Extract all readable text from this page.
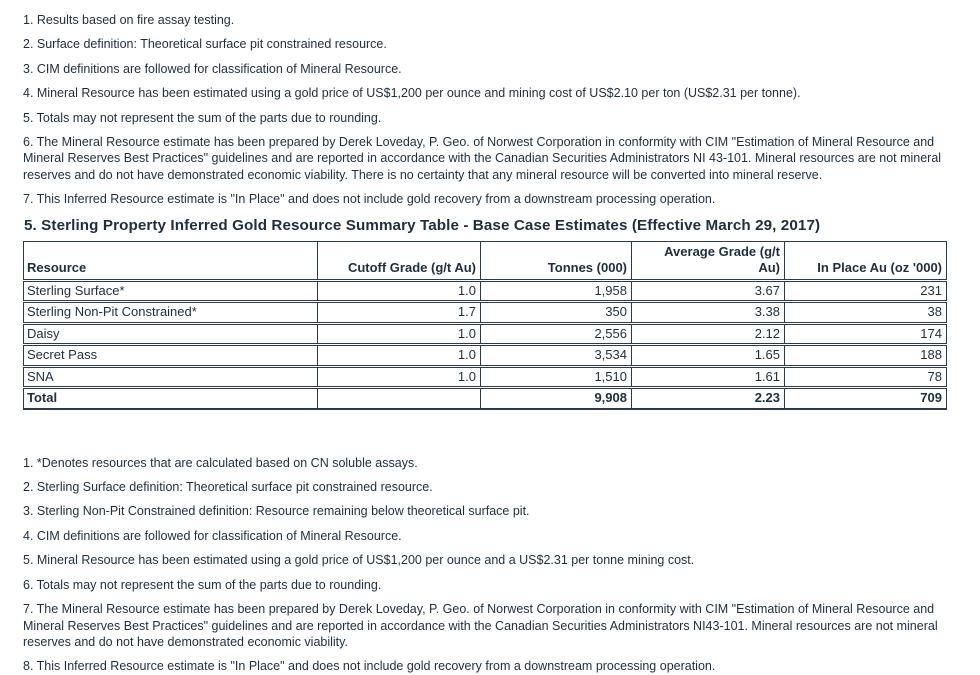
1. Results based on fire assay testing.

2. Surface definition: Theoretical surface pit constrained resource.

3. CIM definitions are followed for classification of Mineral Resource.

4. Mineral Resource has been estimated using a gold price of US$1,200 per ounce and mining cost of US$2.10 per ton (US$2.31 per tonne).

5. Totals may not represent the sum of the parts due to rounding.

6. The Mineral Resource estimate has been prepared by Derek Loveday, P. Geo. of Norwest Corporation in conformity with CIM "Estimation of Mineral Resource and Mineral Reserves Best Practices" guidelines and are reported in accordance with the Canadian Securities Administrators NI 43-101. Mineral resources are not mineral reserves and do not have demonstrated economic viability. There is no certainty that any mineral resource will be converted into mineral reserve.

7. This Inferred Resource estimate is "In Place" and does not include gold recovery from a downstream processing operation.

5. Sterling Property Inferred Gold Resource Summary Table - Base Case Estimates (Effective March 29, 2017)
Resource	Cutoff Grade (g/t Au)	Tonnes (000)	Average Grade (g/t Au)	In Place Au (oz '000)
Sterling Surface*	1.0	1,958	3.67	231
Sterling Non-Pit Constrained*	1.7	350	3.38	38
Daisy	1.0	2,556	2.12	174
Secret Pass	1.0	3,534	1.65	188
SNA	1.0	1,510	1.61	78
Total		9,908	2.23	709

1. *Denotes resources that are calculated based on CN soluble assays.

2. Sterling Surface definition: Theoretical surface pit constrained resource.

3. Sterling Non-Pit Constrained definition: Resource remaining below theoretical surface pit.

4. CIM definitions are followed for classification of Mineral Resource.

5. Mineral Resource has been estimated using a gold price of US$1,200 per ounce and a US$2.31 per tonne mining cost.

6. Totals may not represent the sum of the parts due to rounding.

7. The Mineral Resource estimate has been prepared by Derek Loveday, P. Geo. of Norwest Corporation in conformity with CIM "Estimation of Mineral Resource and Mineral Reserves Best Practices" guidelines and are reported in accordance with the Canadian Securities Administrators NI43-101. Mineral resources are not mineral reserves and do not have demonstrated economic viability.

8. This Inferred Resource estimate is "In Place" and does not include gold recovery from a downstream processing operation.
